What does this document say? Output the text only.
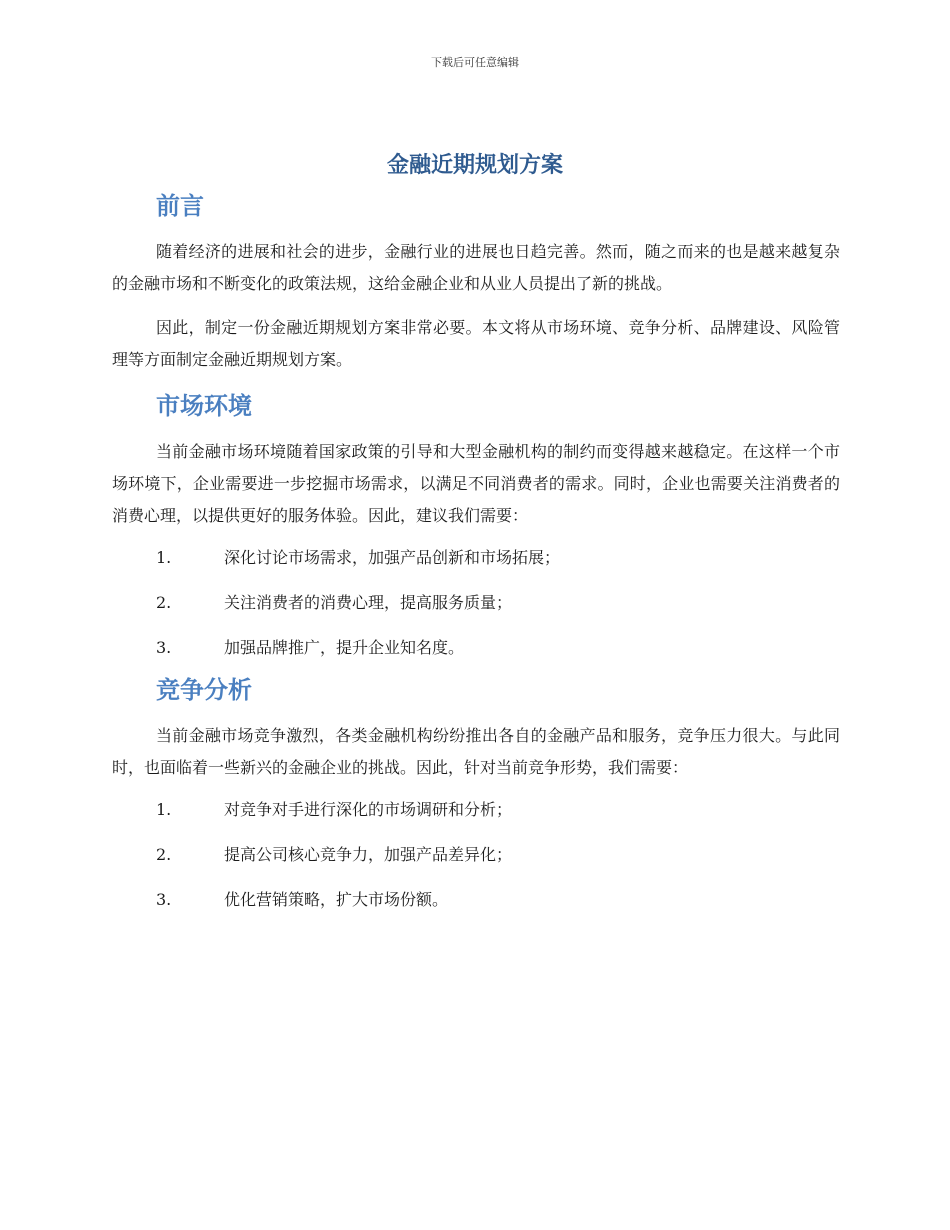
下载后可任意编辑
金融近期规划方案
前言

随着经济的进展和社会的进步，金融行业的进展也日趋完善。然而，随之而来的也是越来越复杂的金融市场和不断变化的政策法规，这给金融企业和从业人员提出了新的挑战。

因此，制定一份金融近期规划方案非常必要。本文将从市场环境、竞争分析、品牌建设、风险管理等方面制定金融近期规划方案。

市场环境

当前金融市场环境随着国家政策的引导和大型金融机构的制约而变得越来越稳定。在这样一个市场环境下，企业需要进一步挖掘市场需求，以满足不同消费者的需求。同时，企业也需要关注消费者的消费心理，以提供更好的服务体验。因此，建议我们需要：

1.	深化讨论市场需求，加强产品创新和市场拓展；
2.	关注消费者的消费心理，提高服务质量；
3.	加强品牌推广，提升企业知名度。
竞争分析

当前金融市场竞争激烈，各类金融机构纷纷推出各自的金融产品和服务，竞争压力很大。与此同时，也面临着一些新兴的金融企业的挑战。因此，针对当前竞争形势，我们需要：

1.	对竞争对手进行深化的市场调研和分析；
2.	提高公司核心竞争力，加强产品差异化；
3.	优化营销策略，扩大市场份额。
